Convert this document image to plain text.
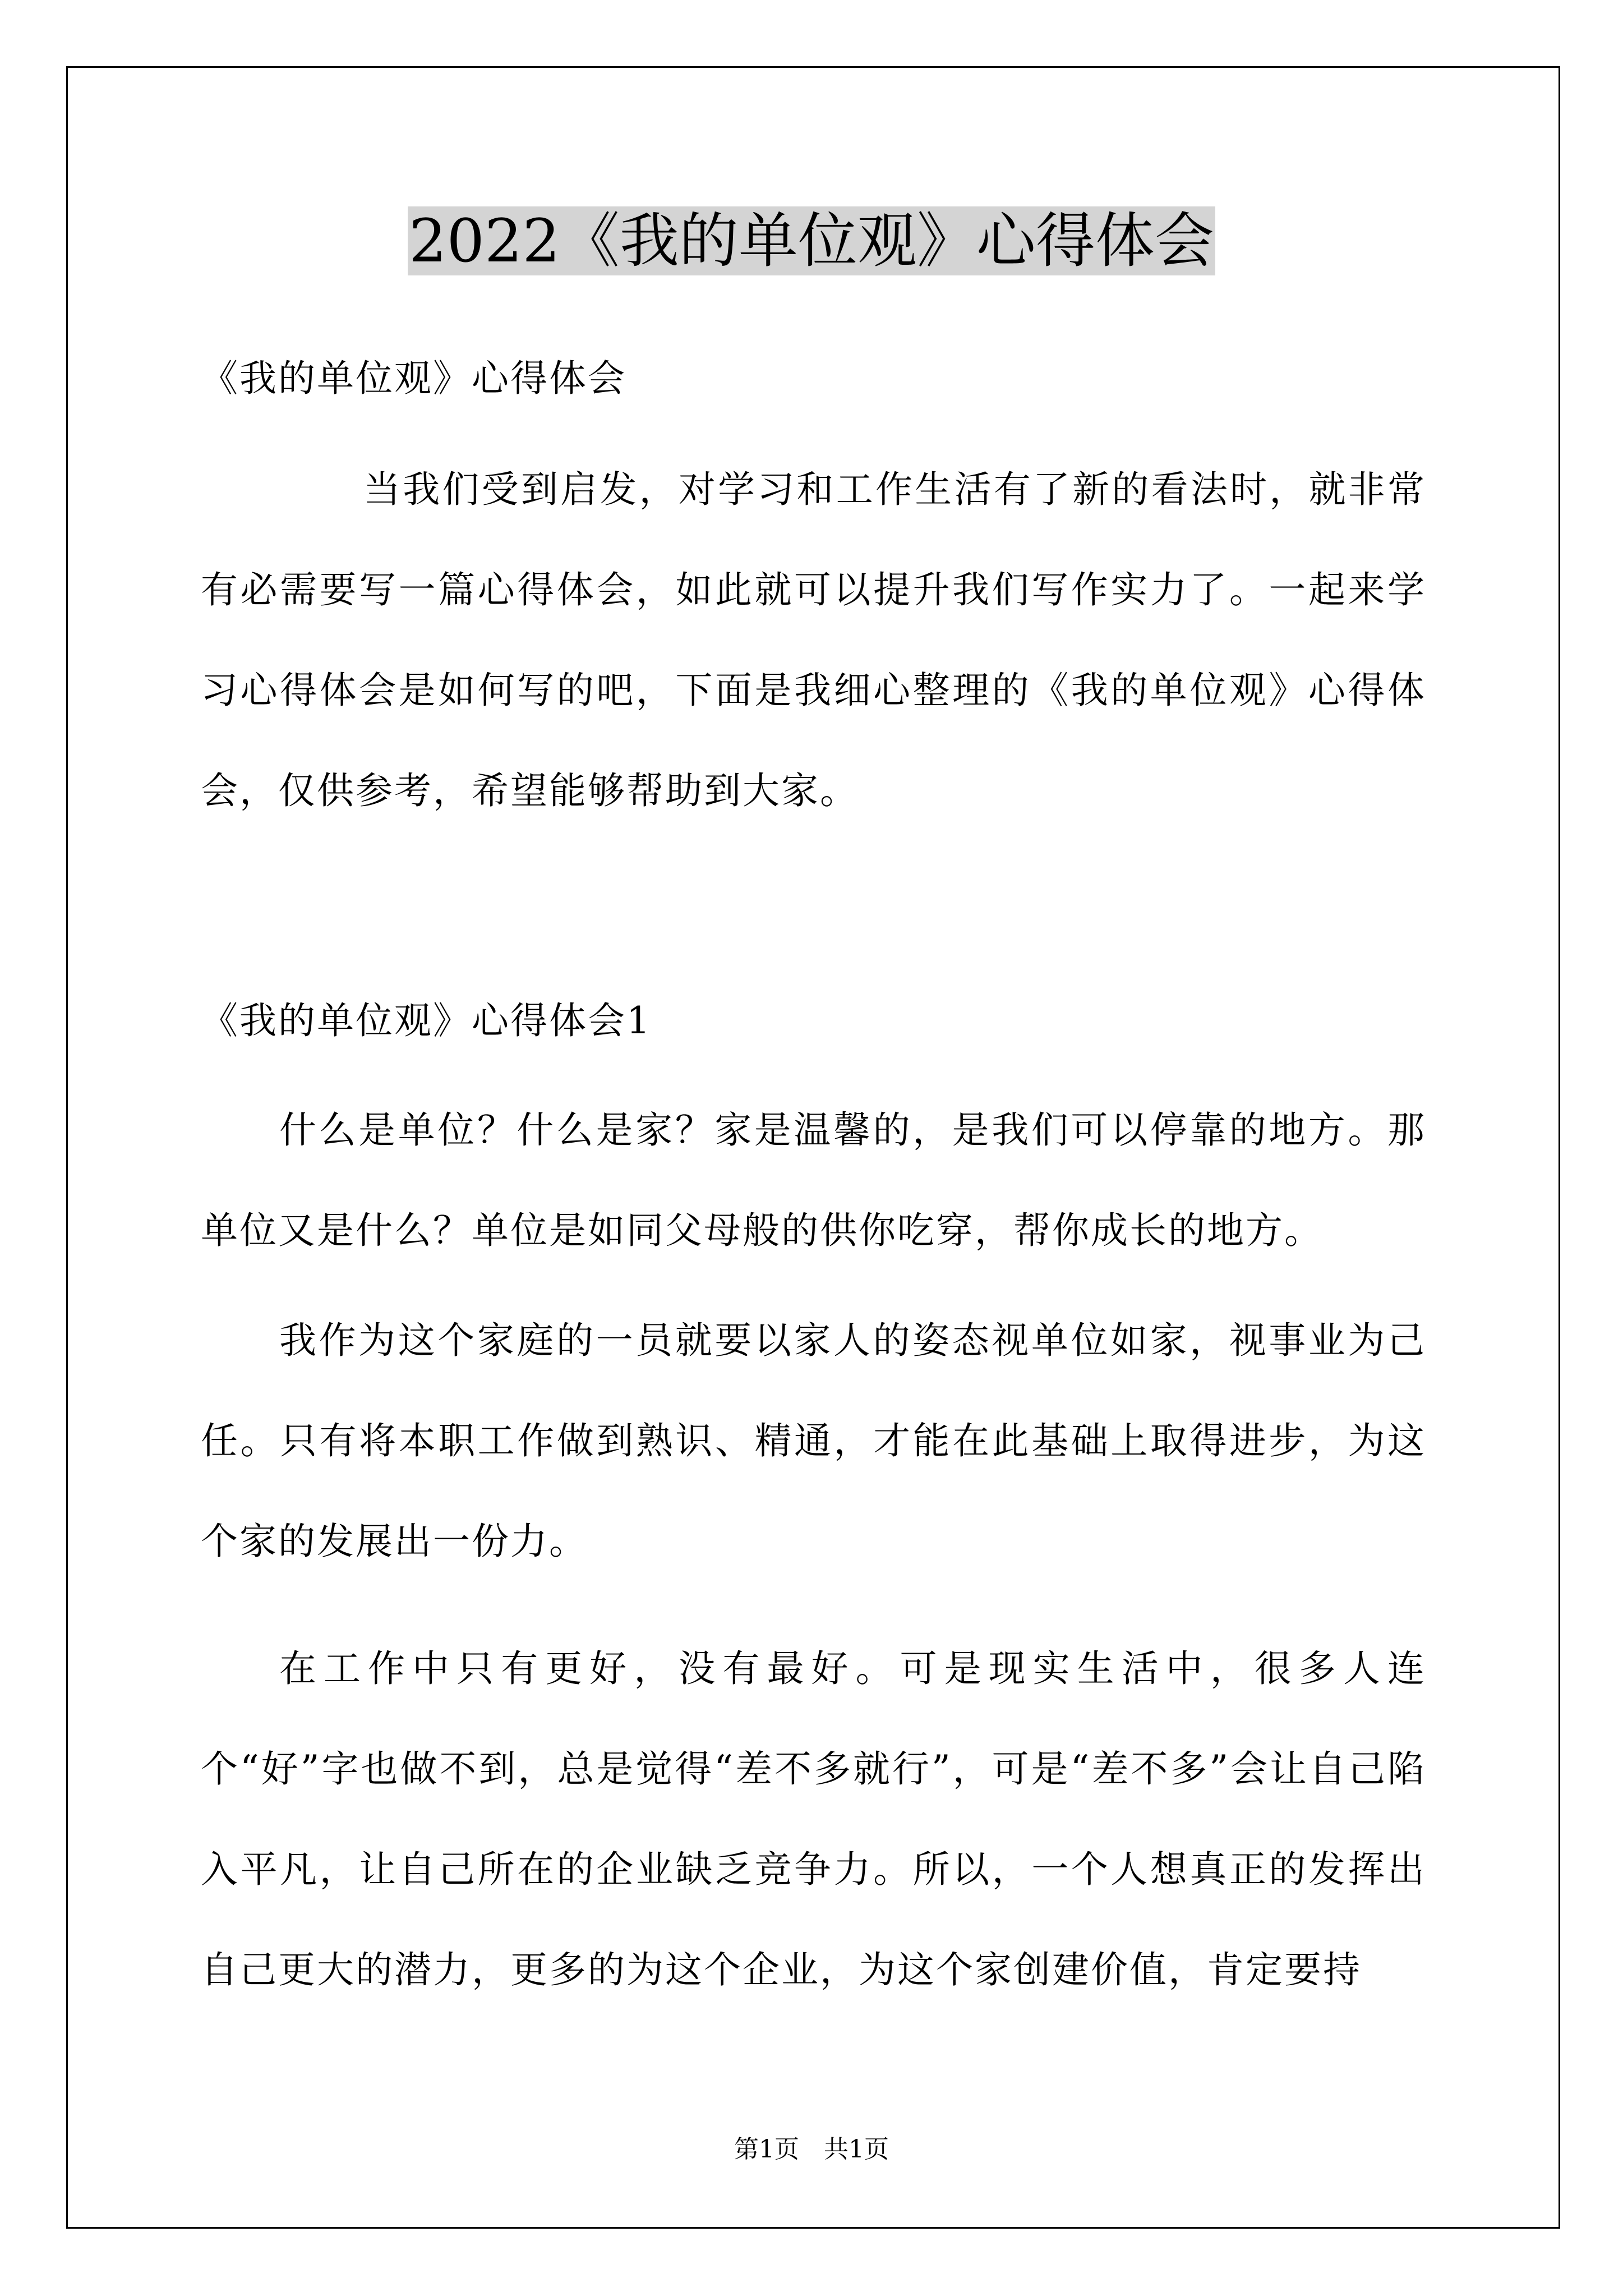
2022《我的单位观》心得体会
《我的单位观》心得体会
当我们受到启发，对学习和工作生活有了新的看法时，就非常有必需要写一篇心得体会，如此就可以提升我们写作实力了。一起来学习心得体会是如何写的吧，下面是我细心整理的《我的单位观》心得体会，仅供参考，希望能够帮助到大家。
《我的单位观》心得体会1
什么是单位？什么是家？家是温馨的，是我们可以停靠的地方。那单位又是什么？单位是如同父母般的供你吃穿，帮你成长的地方。
我作为这个家庭的一员就要以家人的姿态视单位如家，视事业为己任。只有将本职工作做到熟识、精通，才能在此基础上取得进步，为这个家的发展出一份力。
在工作中只有更好，没有最好。可是现实生活中，很多人连个“好”字也做不到，总是觉得“差不多就行”，可是“差不多”会让自己陷入平凡，让自己所在的企业缺乏竞争力。所以，一个人想真正的发挥出自己更大的潜力，更多的为这个企业，为这个家创建价值，肯定要持
第1页　共1页
